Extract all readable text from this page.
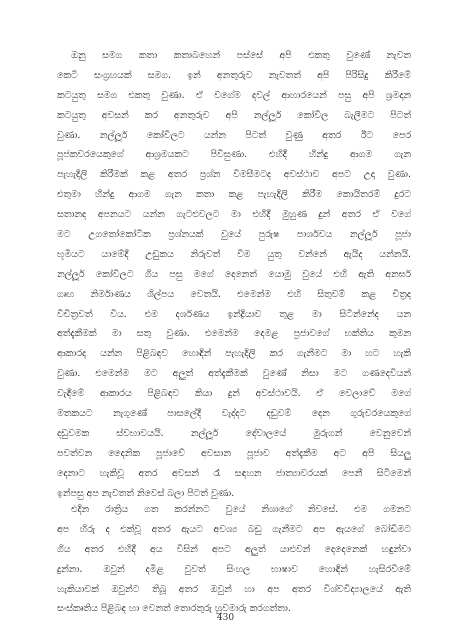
ඔනු සමග කතා කතාබහෙන් පස්සේ අපි එකතු වුණේ නැවත
කෙටි සංග්‍රහයක් සමග. ඉන් අනතුරුව නැවතත් අපි පිරිසිදු කිරීමේ
කටයුතු සමග එකතු වුණා. ඒ වගේම දවල් ආහාරයෙන් පසු අපි ශ්‍රමදාන
කටයුතු අවසන් කර අනතුරුව අපි නල්ලූර් කෝවිල බැලීමට පිටත්
වුණා. නල්ලූර් කෝවිලට යන්න පිටත් වුණු අතර ඊට පෙර
පූජකවරයෙකුගේ ආශ්‍රමයකට පිවිසුණා. එහිදී හින්දු ආගම ගැන
පැහැදිලි කිරීමක් කළ අතර ප්‍රශ්න විමසීමටද අවස්ථාව අපට උදා වුණා.
එතුමා හින්දු ආගම ගැන කතා කළ පැහැදිලි කිරීම කොයිතරම් දුරට
සතානද අපනයට යන්න ගැටළුවලට මා එහිදී මුහුණ දුන් අතර ඒ වගේ
මට උගතෝකෝටික ප්‍රශ්නයක් වුයේ පුරුෂ පාර්ශවය නල්ලූර් පූජා
භූමියට යාමේදී උඩුකය නිරුවත් වීම යුතු වන්නේ ඇයිද යන්නයි.
නල්ලූර් කෝවිලට ගිය පසු මගේ දෙනෙත් යොමු වුයේ එහි ඇති අනර්ඝ
ගෘහ නිර්මාණය ශිල්පය වෙතයි. එමෙන්ම එහි සිතුවම් කළ චිත්‍රද
විචිත්‍රවත් විය. එම දර්ශණය ඉන්ද්‍රියාව තුළ මා සිටින්නේද යන
අත්දැකීමක් මා සතු වුණා. එමෙන්ම දෙමළ ප්‍රජාවගේ භක්තිය කුමන
ආකාරද යන්න පිළිබඳව හොඳින් පැහැදිලි කර ගැනීමට මා හට හැකි
වුණා. එමෙන්ම මට අලුත් අත්දැකීමක් වුණේ නිසා මට ගණදෙවියන්
වැඳීමේ ආකාරය පිළිබඳව කියා දුන් අවස්ථාවයි. ඒ වෙලාවේ මගේ
මතකයට නැගුණේ පාසලේදී වැද්දට දඩුවම් දෙන ගුරුවරයෙකුගේ
දඩුවමක ස්වභාවයයි. නල්ලූර් දේවාලයේ මුරුගන් වෙනුවෙන්
පවත්වන දෛනික පූජාවේ අවසාන පූජාව අත්දැකීම අට අපි සියලු
දෙනාට හැකිවූ අතර අවසන් රෑ සඳහන ජාත්‍යාවරයක් පෙනී සිටීමෙන්
ඉන්පසු අප නැවතත් නිවෙස් බලා පිටත් වුණා.
එදින රාත්‍රිය ගත කරන්නට වුයේ නිශාගේ නිවසේ. එම ගමනට
අප හිරු ද එක්වූ අතර ඇයට අවශ්‍ය බඩු ගැනීමට අප ඇයගේ බෝඩිමට
ගිය අතර එහිදී අය විසින් අපට අලුත් යාළුවන් දෙදෙනෙක් හඳුන්වා
දුන්නා. ඔවුන් දමිළ වුවත් සිංහල භාෂාව හොඳින් හැසිරවීමේ
හැකියාවක් ඔවුන්ට තිබූ අතර ඔවුන් හා අප අතර විශ්වවිද්‍යාලයේ ඇති
සංස්කෘතිය පිළිබඳ හා වෙනත් තොරතුරු හුවමාරු කරගත්තා.
430
